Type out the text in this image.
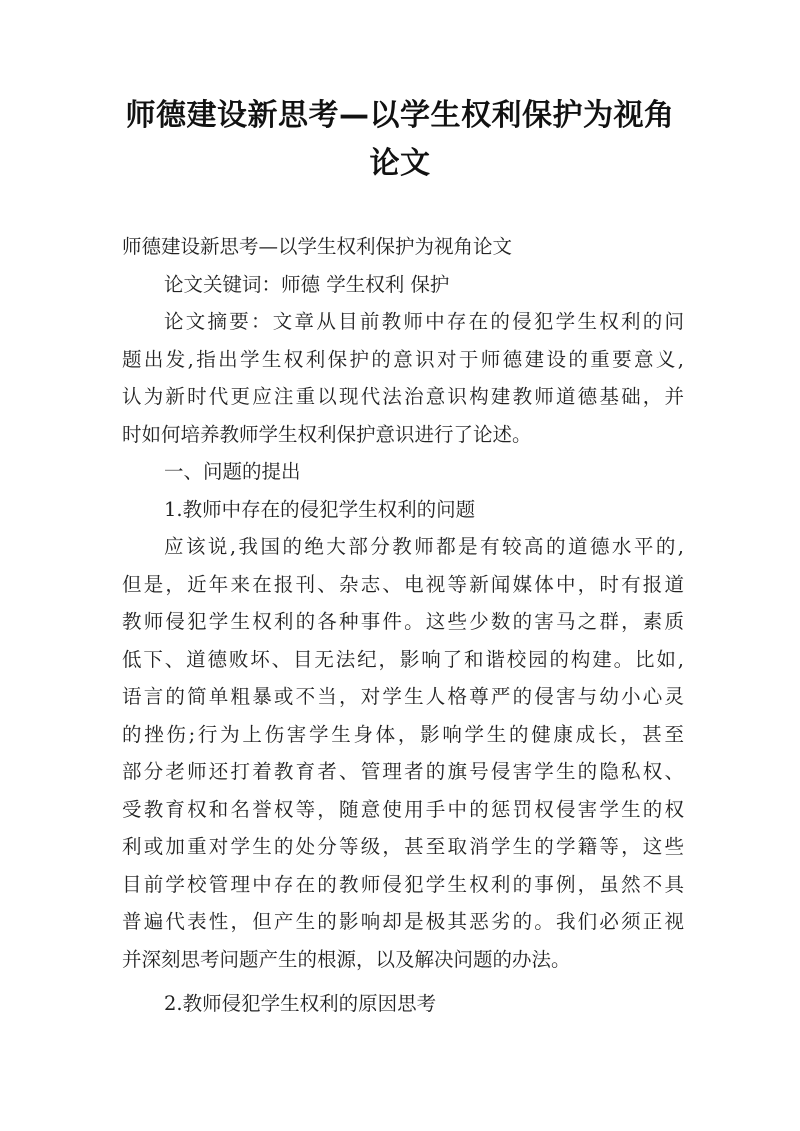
师德建设新思考—以学生权利保护为视角
论文
师德建设新思考—以学生权利保护为视角论文
论文关键词：师德 学生权利 保护
论文摘要：文章从目前教师中存在的侵犯学生权利的问
题出发,指出学生权利保护的意识对于师德建设的重要意义,
认为新时代更应注重以现代法治意识构建教师道德基础，并
时如何培养教师学生权利保护意识进行了论述。
一、问题的提出
1.教师中存在的侵犯学生权利的问题
应该说,我国的绝大部分教师都是有较高的道德水平的,
但是，近年来在报刊、杂志、电视等新闻媒体中，时有报道
教师侵犯学生权利的各种事件。这些少数的害马之群，素质
低下、道德败坏、目无法纪，影响了和谐校园的构建。比如,
语言的简单粗暴或不当，对学生人格尊严的侵害与幼小心灵
的挫伤;行为上伤害学生身体，影响学生的健康成长，甚至
部分老师还打着教育者、管理者的旗号侵害学生的隐私权、
受教育权和名誉权等，随意使用手中的惩罚权侵害学生的权
利或加重对学生的处分等级，甚至取消学生的学籍等，这些
目前学校管理中存在的教师侵犯学生权利的事例，虽然不具
普遍代表性，但产生的影响却是极其恶劣的。我们必须正视
并深刻思考问题产生的根源，以及解决问题的办法。
2.教师侵犯学生权利的原因思考
